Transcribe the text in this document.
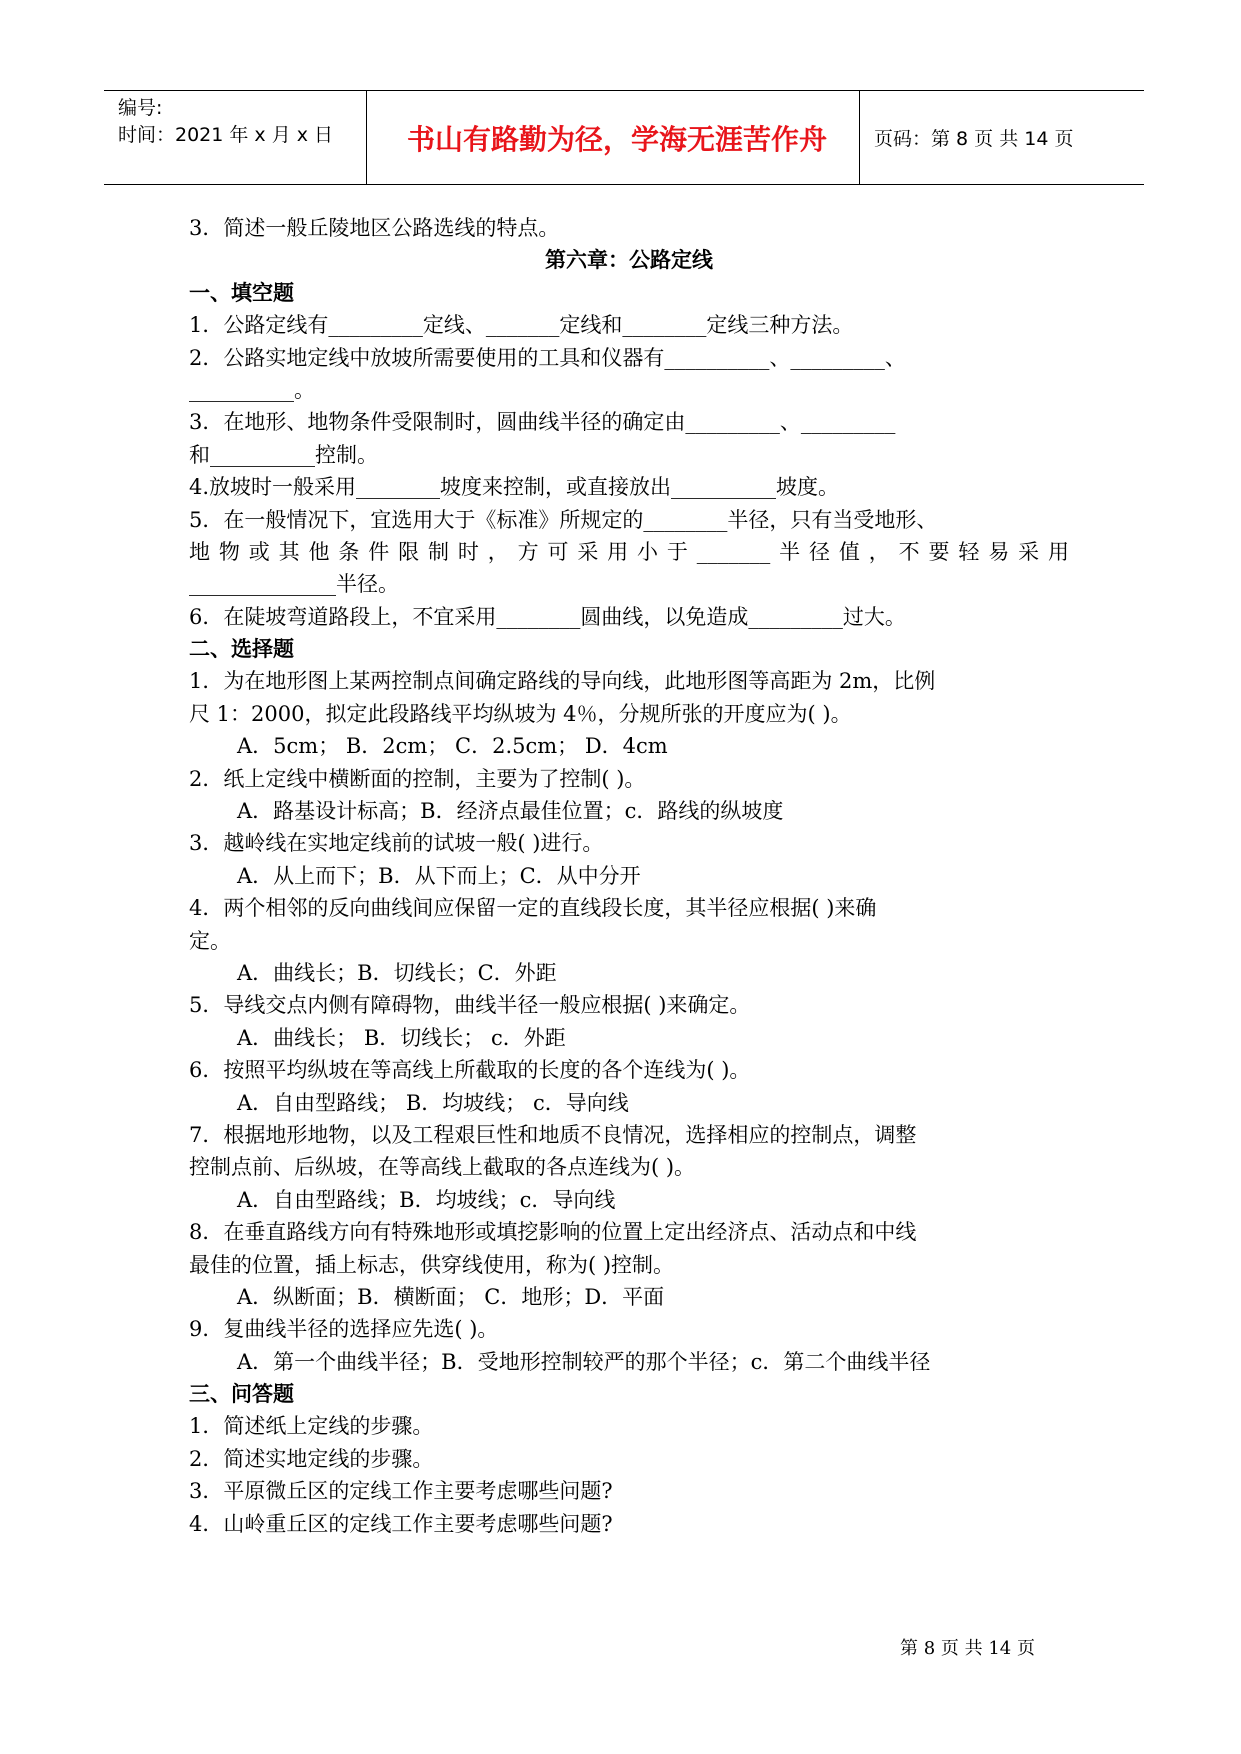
编号:
时间：2021 年 x 月 x 日	书山有路勤为径，学海无涯苦作舟	页码：第 8 页 共 14 页
3．简述一般丘陵地区公路选线的特点。
第六章：公路定线
一、填空题
1．公路定线有_________定线、_______定线和________定线三种方法。
2．公路实地定线中放坡所需要使用的工具和仪器有__________、_________、
__________。
3．在地形、地物条件受限制时，圆曲线半径的确定由_________、_________
和__________控制。
4.放坡时一般采用________坡度来控制，或直接放出__________坡度。
5．在一般情况下，宜选用大于《标准》所规定的________半径，只有当受地形、
地物或其他条件限制时，方可采用小于_______半径值，不要轻易采用
______________半径。
6．在陡坡弯道路段上，不宜采用________圆曲线，以免造成_________过大。
二、选择题
1．为在地形图上某两控制点间确定路线的导向线，此地形图等高距为 2m，比例
尺 1：2000，拟定此段路线平均纵坡为 4％，分规所张的开度应为( )。
A．5cm； B．2cm； C．2.5cm； D．4cm
2．纸上定线中横断面的控制，主要为了控制( )。
A．路基设计标高；B．经济点最佳位置；c．路线的纵坡度
3．越岭线在实地定线前的试坡一般( )进行。
A．从上而下；B．从下而上；C．从中分开
4．两个相邻的反向曲线间应保留一定的直线段长度，其半径应根据( )来确
定。
A．曲线长；B．切线长；C．外距
5．导线交点内侧有障碍物，曲线半径一般应根据( )来确定。
A．曲线长； B．切线长； c．外距
6．按照平均纵坡在等高线上所截取的长度的各个连线为( )。
A．自由型路线； B．均坡线； c．导向线
7．根据地形地物，以及工程艰巨性和地质不良情况，选择相应的控制点，调整
控制点前、后纵坡，在等高线上截取的各点连线为( )。
A．自由型路线；B．均坡线；c．导向线
8．在垂直路线方向有特殊地形或填挖影响的位置上定出经济点、活动点和中线
最佳的位置，插上标志，供穿线使用，称为( )控制。
A．纵断面；B．横断面； C．地形；D．平面
9．复曲线半径的选择应先选( )。
A．第一个曲线半径；B．受地形控制较严的那个半径；c．第二个曲线半径
三、问答题
1．简述纸上定线的步骤。
2．简述实地定线的步骤。
3．平原微丘区的定线工作主要考虑哪些问题?
4．山岭重丘区的定线工作主要考虑哪些问题?
第 8 页 共 14 页
